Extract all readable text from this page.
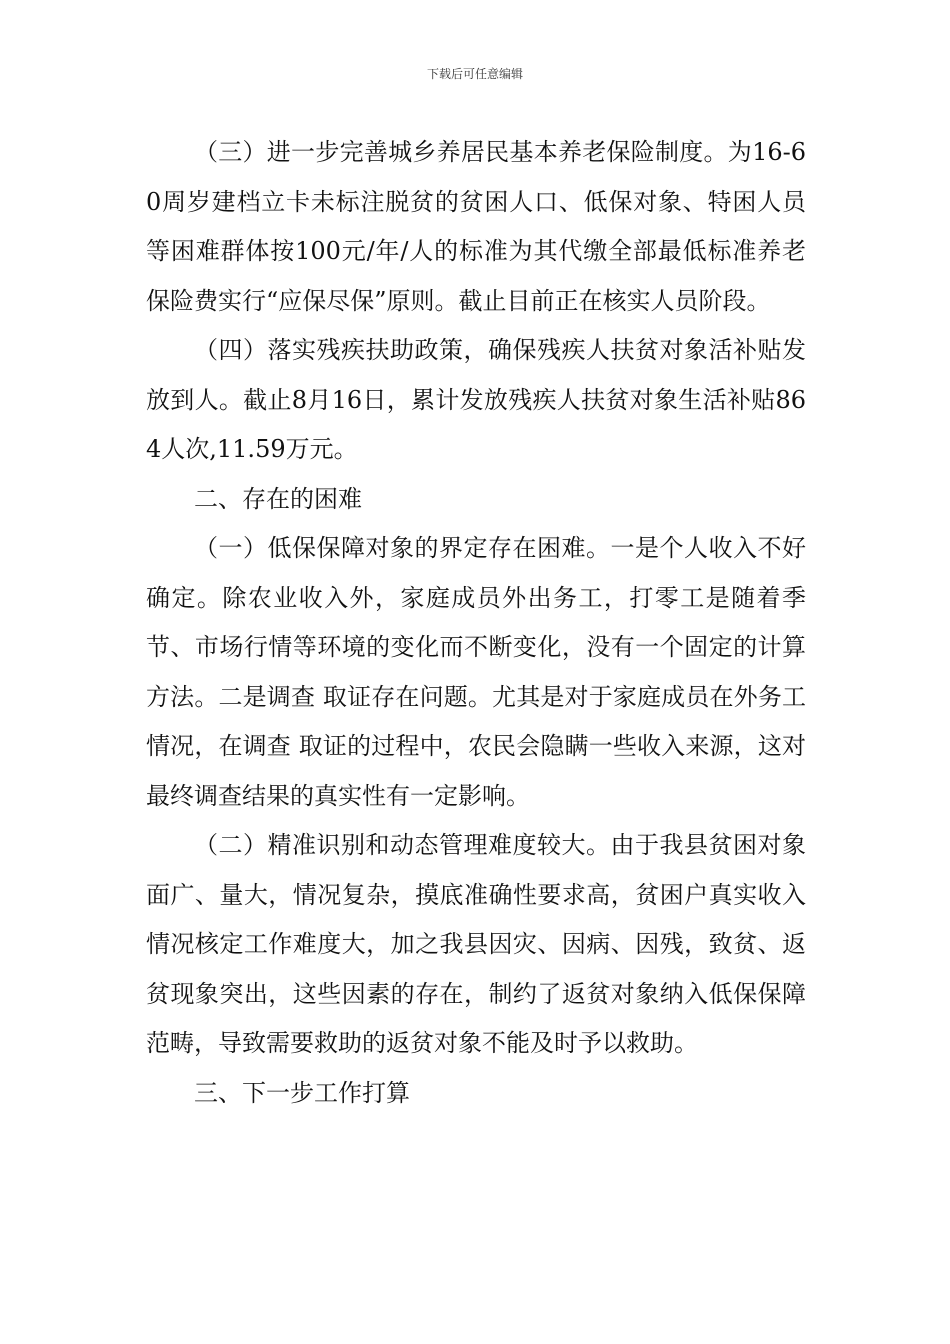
下载后可任意编辑

（三）进一步完善城乡养居民基本养老保险制度。为16-60周岁建档立卡未标注脱贫的贫困人口、低保对象、特困人员等困难群体按100元/年/人的标准为其代缴全部最低标准养老保险费实行“应保尽保”原则。截止目前正在核实人员阶段。

（四）落实残疾扶助政策，确保残疾人扶贫对象活补贴发放到人。截止8月16日，累计发放残疾人扶贫对象生活补贴864人次,11.59万元。

二、存在的困难

（一）低保保障对象的界定存在困难。一是个人收入不好确定。除农业收入外，家庭成员外出务工，打零工是随着季节、市场行情等环境的变化而不断变化，没有一个固定的计算方法。二是调查 取证存在问题。尤其是对于家庭成员在外务工情况，在调查 取证的过程中，农民会隐瞒一些收入来源，这对最终调查结果的真实性有一定影响。

（二）精准识别和动态管理难度较大。由于我县贫困对象面广、量大，情况复杂，摸底准确性要求高，贫困户真实收入情况核定工作难度大，加之我县因灾、因病、因残，致贫、返贫现象突出，这些因素的存在，制约了返贫对象纳入低保保障范畴，导致需要救助的返贫对象不能及时予以救助。

三、下一步工作打算
